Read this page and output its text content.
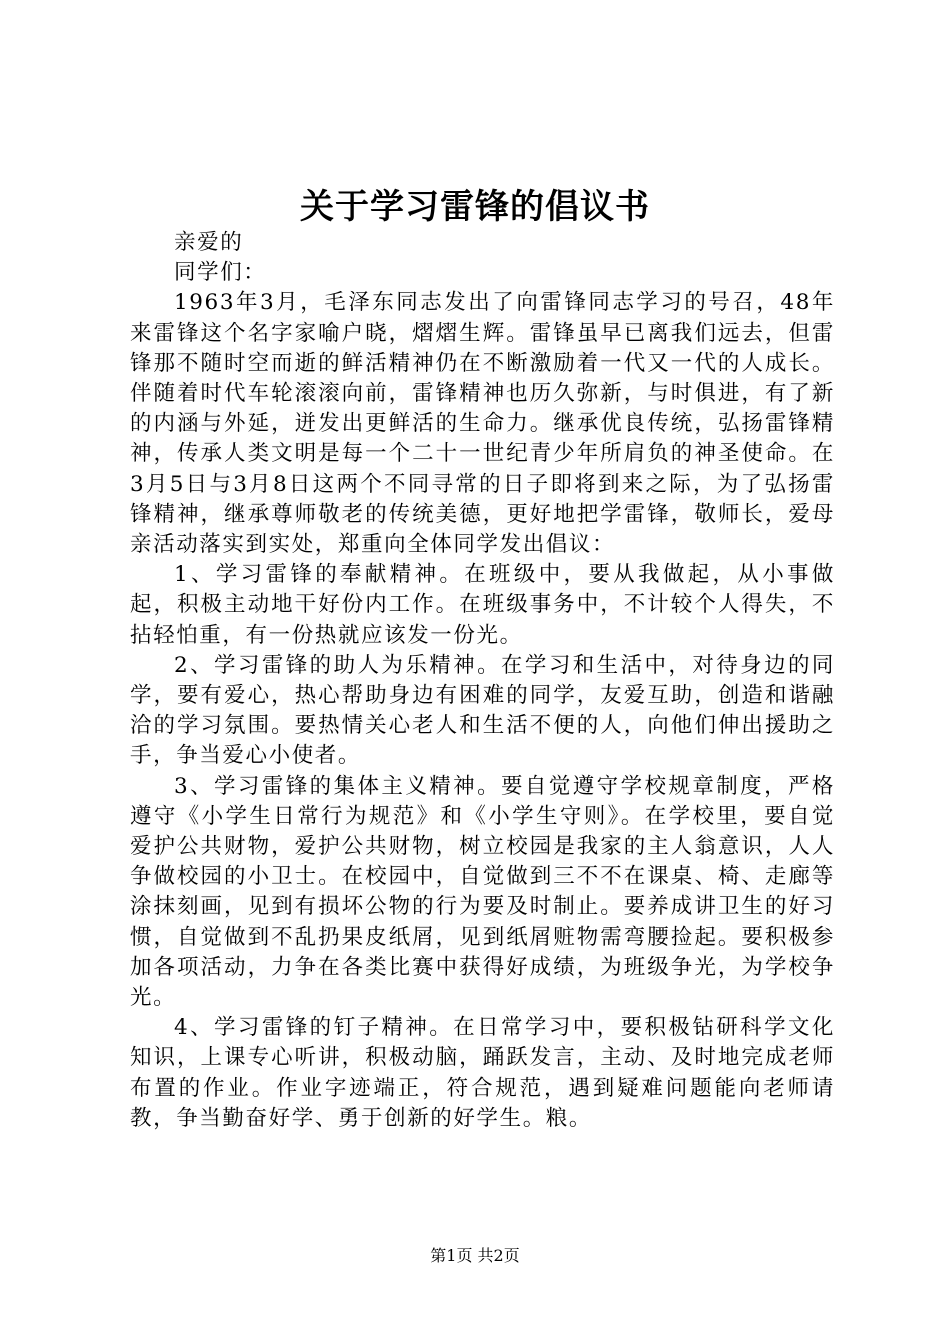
关于学习雷锋的倡议书

亲爱的

同学们：

1963年3月，毛泽东同志发出了向雷锋同志学习的号召，48年来雷锋这个名字家喻户晓，熠熠生辉。雷锋虽早已离我们远去，但雷锋那不随时空而逝的鲜活精神仍在不断激励着一代又一代的人成长。伴随着时代车轮滚滚向前，雷锋精神也历久弥新，与时俱进，有了新的内涵与外延，迸发出更鲜活的生命力。继承优良传统，弘扬雷锋精神，传承人类文明是每一个二十一世纪青少年所肩负的神圣使命。在3月5日与3月8日这两个不同寻常的日子即将到来之际，为了弘扬雷锋精神，继承尊师敬老的传统美德，更好地把学雷锋，敬师长，爱母亲活动落实到实处，郑重向全体同学发出倡议：

1、学习雷锋的奉献精神。在班级中，要从我做起，从小事做起，积极主动地干好份内工作。在班级事务中，不计较个人得失，不拈轻怕重，有一份热就应该发一份光。

2、学习雷锋的助人为乐精神。在学习和生活中，对待身边的同学，要有爱心，热心帮助身边有困难的同学，友爱互助，创造和谐融洽的学习氛围。要热情关心老人和生活不便的人，向他们伸出援助之手，争当爱心小使者。

3、学习雷锋的集体主义精神。要自觉遵守学校规章制度，严格遵守《小学生日常行为规范》和《小学生守则》。在学校里，要自觉爱护公共财物，爱护公共财物，树立校园是我家的主人翁意识，人人争做校园的小卫士。在校园中，自觉做到三不不在课桌、椅、走廊等涂抹刻画，见到有损坏公物的行为要及时制止。要养成讲卫生的好习惯，自觉做到不乱扔果皮纸屑，见到纸屑赃物需弯腰捡起。要积极参加各项活动，力争在各类比赛中获得好成绩，为班级争光，为学校争光。

4、学习雷锋的钉子精神。在日常学习中，要积极钻研科学文化知识，上课专心听讲，积极动脑，踊跃发言，主动、及时地完成老师布置的作业。作业字迹端正，符合规范，遇到疑难问题能向老师请教，争当勤奋好学、勇于创新的好学生。粮。

第1页 共2页
